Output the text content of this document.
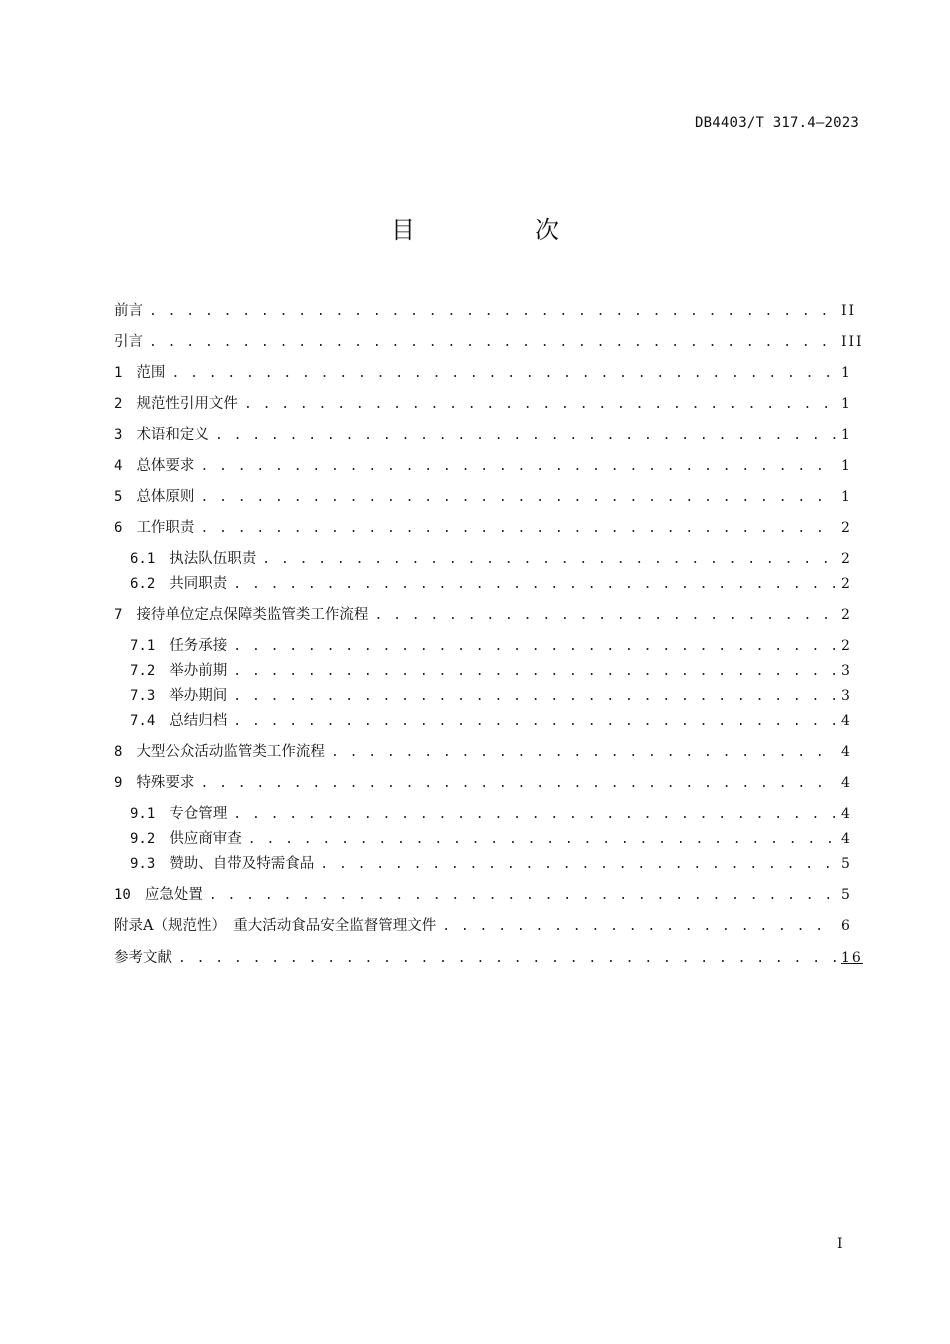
DB4403/T 317.4—2023
目　次
前言 . . .	II
引言 . . .	III
1 范围 . . .	1
2 规范性引用文件 . . .	1
3 术语和定义 . . .	1
4 总体要求 . . .	1
5 总体原则 . . .	1
6 工作职责 . . .	2
6.1 执法队伍职责 . . .	2
6.2 共同职责 . . .	2
7 接待单位定点保障类监管类工作流程 . . .	2
7.1 任务承接 . . .	2
7.2 举办前期 . . .	3
7.3 举办期间 . . .	3
7.4 总结归档 . . .	4
8 大型公众活动监管类工作流程 . . .	4
9 特殊要求 . . .	4
9.1 专仓管理 . . .	4
9.2 供应商审查 . . .	4
9.3 赞助、自带及特需食品 . . .	5
10 应急处置 . . .	5
附录A（规范性）　重大活动食品安全监督管理文件 . . .	6
参考文献 . . .	16
I
